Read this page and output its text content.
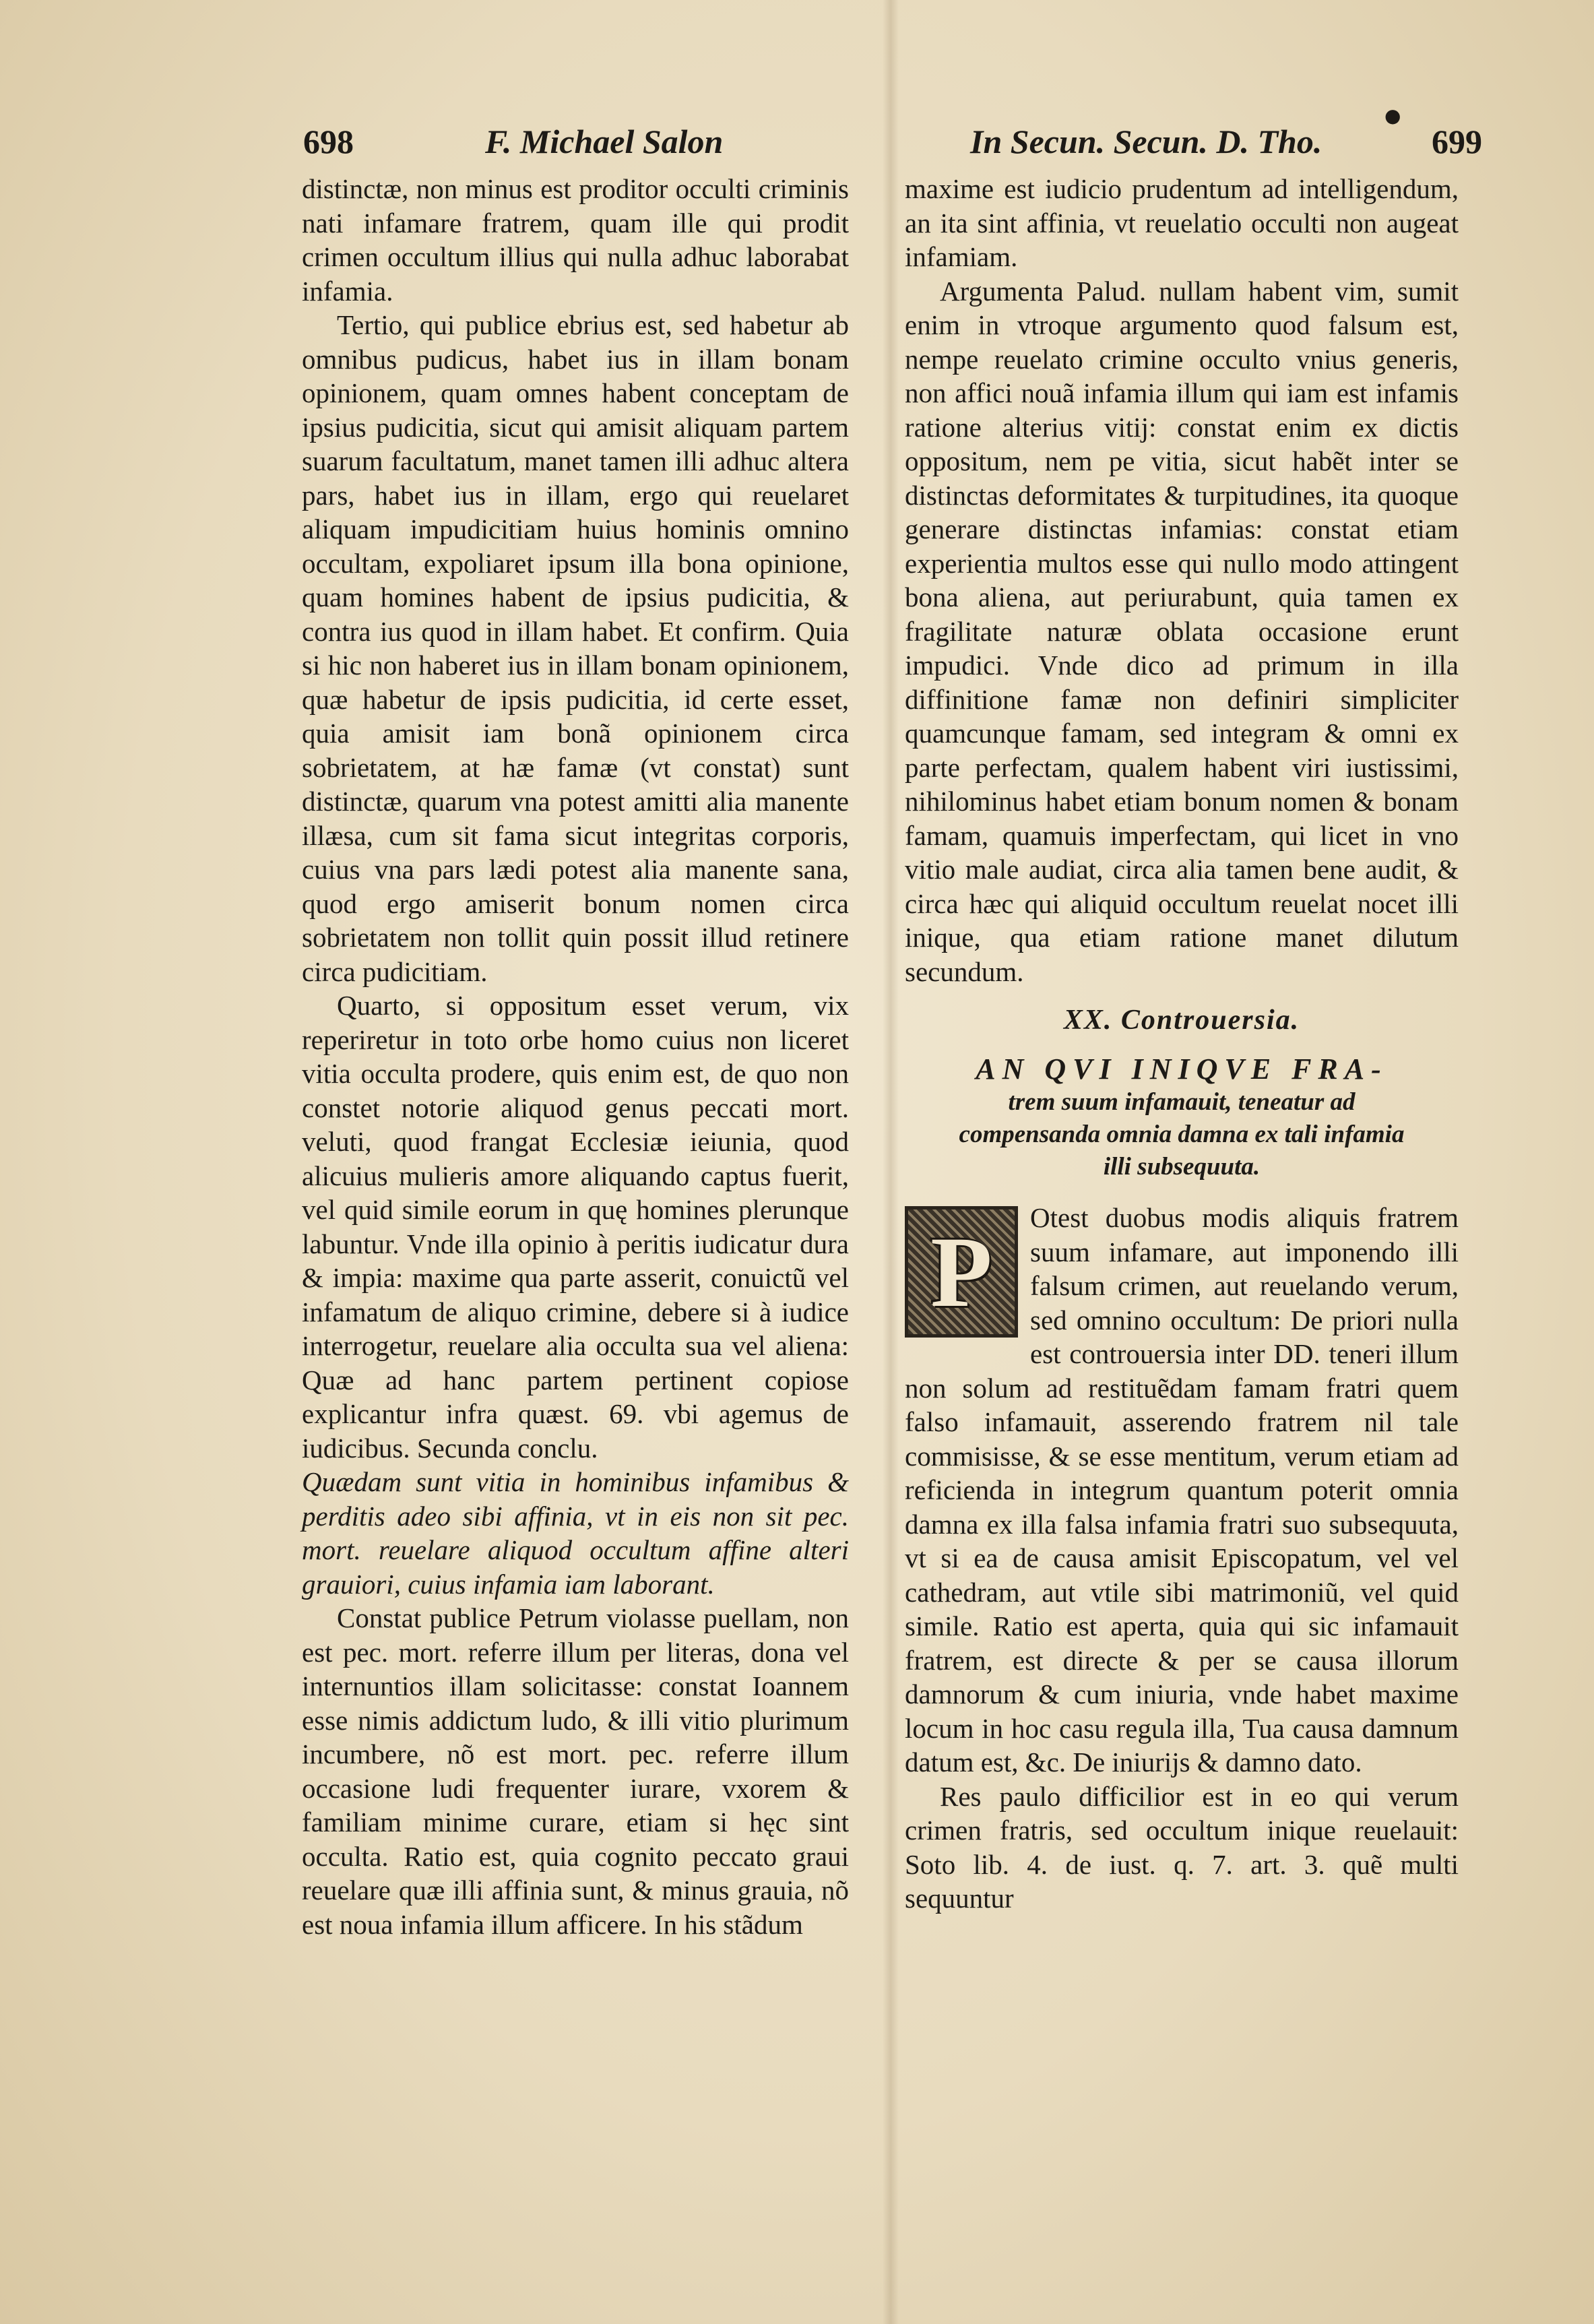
698	F. Michael Salon
●
In Secun. Secun. D. Tho.	699

distinctæ, non minus est proditor occulti criminis nati infamare fratrem, quam ille qui prodit crimen occultum illius qui nulla adhuc laborabat infamia.

Tertio, qui publice ebrius est, sed habetur ab omnibus pudicus, habet ius in illam bonam opinionem, quam omnes habent conceptam de ipsius pudicitia, sicut qui amisit aliquam partem suarum facultatum, manet tamen illi adhuc altera pars, habet ius in illam, ergo qui reuelaret aliquam impudicitiam huius hominis omnino occultam, expoliaret ipsum illa bona opinione, quam homines habent de ipsius pudicitia, & contra ius quod in illam habet. Et confirm. Quia si hic non haberet ius in illam bonam opinionem, quæ habetur de ipsis pudicitia, id certe esset, quia amisit iam bonã opinionem circa sobrietatem, at hæ famæ (vt constat) sunt distinctæ, quarum vna potest amitti alia manente illæsa, cum sit fama sicut integritas corporis, cuius vna pars lædi potest alia manente sana, quod ergo amiserit bonum nomen circa sobrietatem non tollit quin possit illud retinere circa pudicitiam.

Quarto, si oppositum esset verum, vix reperiretur in toto orbe homo cuius non liceret vitia occulta prodere, quis enim est, de quo non constet notorie aliquod genus peccati mort. veluti, quod frangat Ecclesiæ ieiunia, quod alicuius mulieris amore aliquando captus fuerit, vel quid simile eorum in quę homines plerunque labuntur. Vnde illa opinio à peritis iudicatur dura & impia: maxime qua parte asserit, conuictũ vel infamatum de aliquo crimine, debere si à iudice interrogetur, reuelare alia occulta sua vel aliena: Quæ ad hanc partem pertinent copiose explicantur infra quæst. 69. vbi agemus de iudicibus. Secunda conclu.

Quædam sunt vitia in hominibus infamibus & perditis adeo sibi affinia, vt in eis non sit pec. mort. reuelare aliquod occultum affine alteri grauiori, cuius infamia iam laborant.

Constat publice Petrum violasse puellam, non est pec. mort. referre illum per literas, dona vel internuntios illam solicitasse: constat Ioannem esse nimis addictum ludo, & illi vitio plurimum incumbere, nõ est mort. pec. referre illum occasione ludi frequenter iurare, vxorem & familiam minime curare, etiam si hęc sint occulta. Ratio est, quia cognito peccato graui reuelare quæ illi affinia sunt, & minus grauia, nõ est noua infamia illum afficere. In his stãdum

maxime est iudicio prudentum ad intelligendum, an ita sint affinia, vt reuelatio occulti non augeat infamiam.

Argumenta Palud. nullam habent vim, sumit enim in vtroque argumento quod falsum est, nempe reuelato crimine occulto vnius generis, non affici nouã infamia illum qui iam est infamis ratione alterius vitij: constat enim ex dictis oppositum, nem pe vitia, sicut habẽt inter se distinctas deformitates & turpitudines, ita quoque generare distinctas infamias: constat etiam experientia multos esse qui nullo modo attingent bona aliena, aut periurabunt, quia tamen ex fragilitate naturæ oblata occasione erunt impudici. Vnde dico ad primum in illa diffinitione famæ non definiri simpliciter quamcunque famam, sed integram & omni ex parte perfectam, qualem habent viri iustissimi, nihilominus habet etiam bonum nomen & bonam famam, quamuis imperfectam, qui licet in vno vitio male audiat, circa alia tamen bene audit, & circa hæc qui aliquid occultum reuelat nocet illi inique, qua etiam ratione manet dilutum secundum.

XX. Controuersia.
AN QVI INIQVE FRA-
trem suum infamauit, teneatur ad compensanda omnia damna ex tali infamia illi subsequuta.
P	Otest duobus modis aliquis fratrem suum infamare, aut imponendo illi falsum crimen, aut reuelando verum, sed omnino occultum: De priori nulla est controuersia inter DD. teneri illum non solum ad restituẽdam famam fratri quem falso infamauit, asserendo fratrem nil tale commisisse, & se esse mentitum, verum etiam ad reficienda in integrum quantum poterit omnia damna ex illa falsa infamia fratri suo subsequuta, vt si ea de causa amisit Episcopatum, vel vel cathedram, aut vtile sibi matrimoniũ, vel quid simile. Ratio est aperta, quia qui sic infamauit fratrem, est directe & per se causa illorum damnorum & cum iniuria, vnde habet maxime locum in hoc casu regula illa, Tua causa damnum datum est, &c. De iniurijs & damno dato.

Res paulo difficilior est in eo qui verum crimen fratris, sed occultum inique reuelauit: Soto lib. 4. de iust. q. 7. art. 3. quẽ multi sequuntur
